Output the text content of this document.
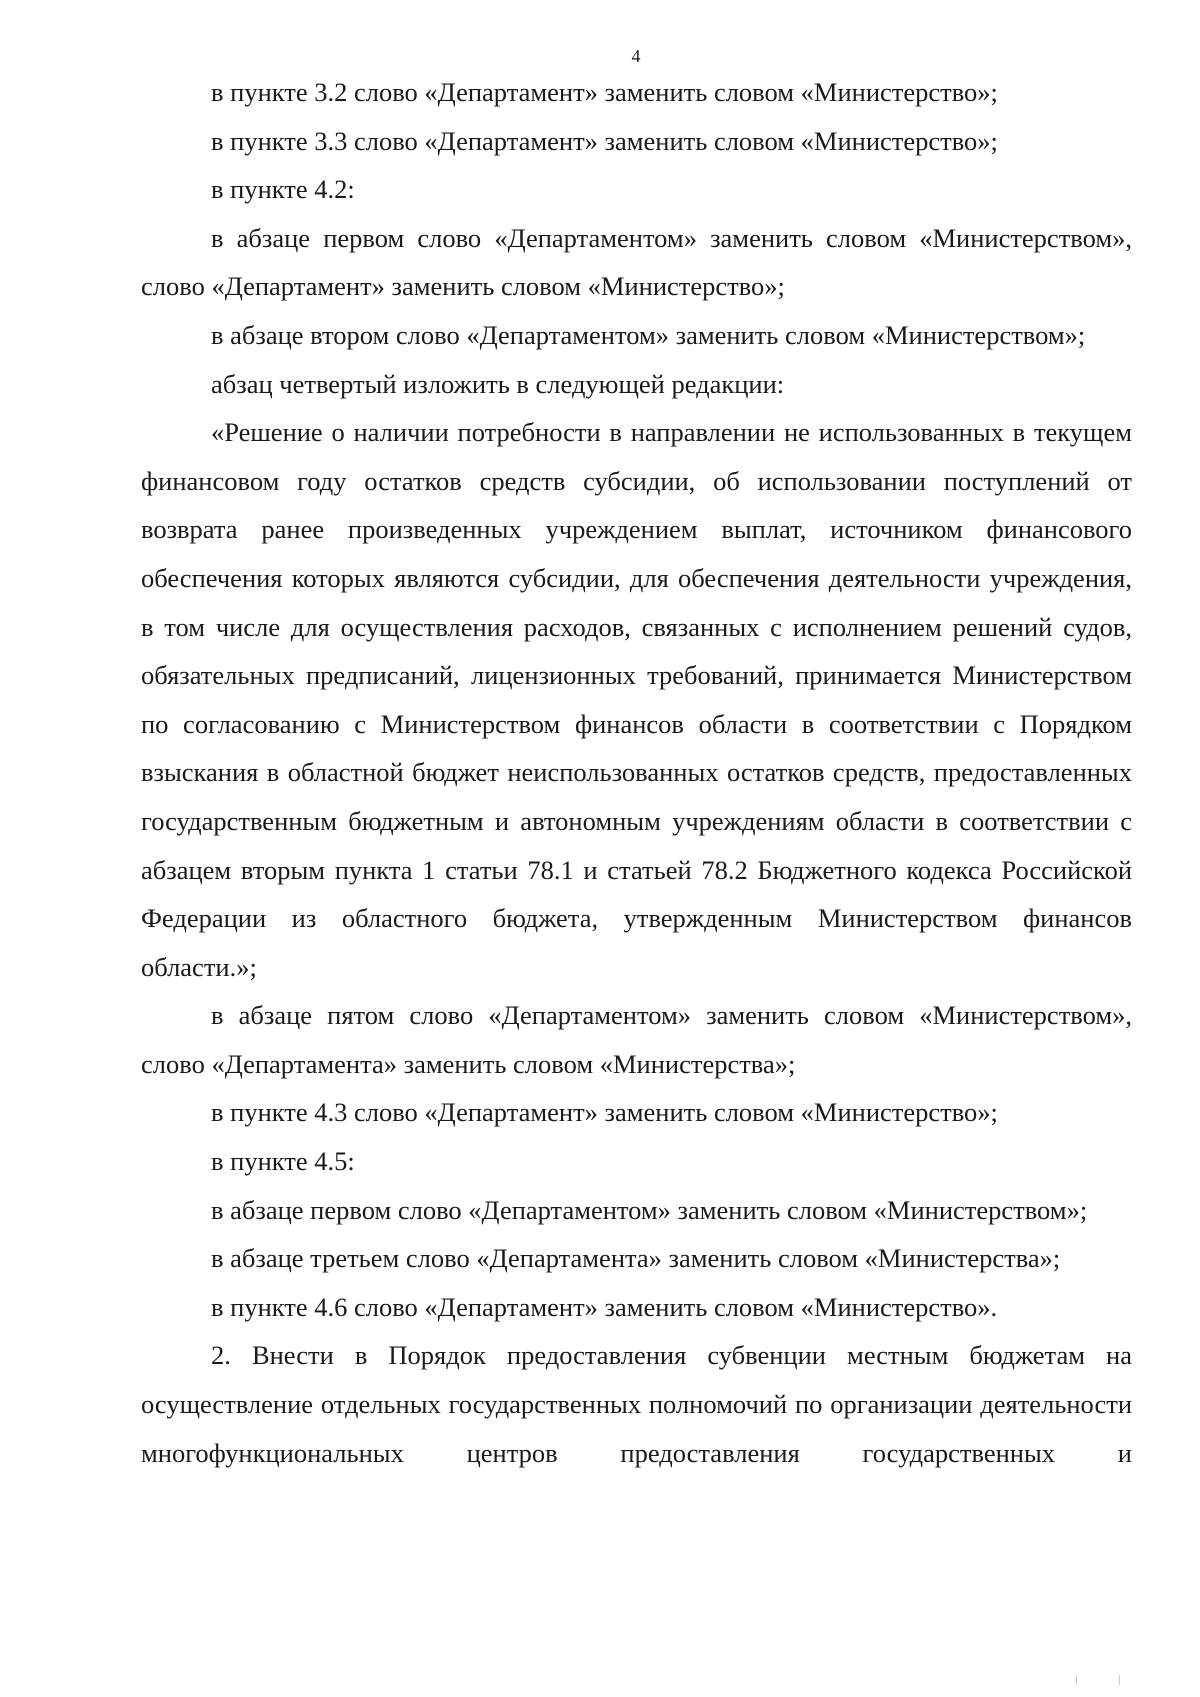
4

в пункте 3.2 слово «Департамент» заменить словом «Министерство»;

в пункте 3.3 слово «Департамент» заменить словом «Министерство»;

в пункте 4.2:

в абзаце первом слово «Департаментом» заменить словом «Министерством», слово «Департамент» заменить словом «Министерство»;

в абзаце втором слово «Департаментом» заменить словом «Министерством»;

абзац четвертый изложить в следующей редакции:

«Решение о наличии потребности в направлении не использованных в текущем финансовом году остатков средств субсидии, об использовании поступлений от возврата ранее произведенных учреждением выплат, источником финансового обеспечения которых являются субсидии, для обеспечения деятельности учреждения, в том числе для осуществления расходов, связанных с исполнением решений судов, обязательных предписаний, лицензионных требований, принимается Министерством по согласованию с Министерством финансов области в соответствии с Порядком взыскания в областной бюджет неиспользованных остатков средств, предоставленных государственным бюджетным и автономным учреждениям области в соответствии с абзацем вторым пункта 1 статьи 78.1 и статьей 78.2 Бюджетного кодекса Российской Федерации из областного бюджета, утвержденным Министерством финансов области.»;

в абзаце пятом слово «Департаментом» заменить словом «Министерством», слово «Департамента» заменить словом «Министерства»;

в пункте 4.3 слово «Департамент» заменить словом «Министерство»;

в пункте 4.5:

в абзаце первом слово «Департаментом» заменить словом «Министерством»;

в абзаце третьем слово «Департамента» заменить словом «Министерства»;

в пункте 4.6 слово «Департамент» заменить словом «Министерство».

2. Внести в Порядок предоставления субвенции местным бюджетам на осуществление отдельных государственных полномочий по организации деятельности многофункциональных центров предоставления государственных и
